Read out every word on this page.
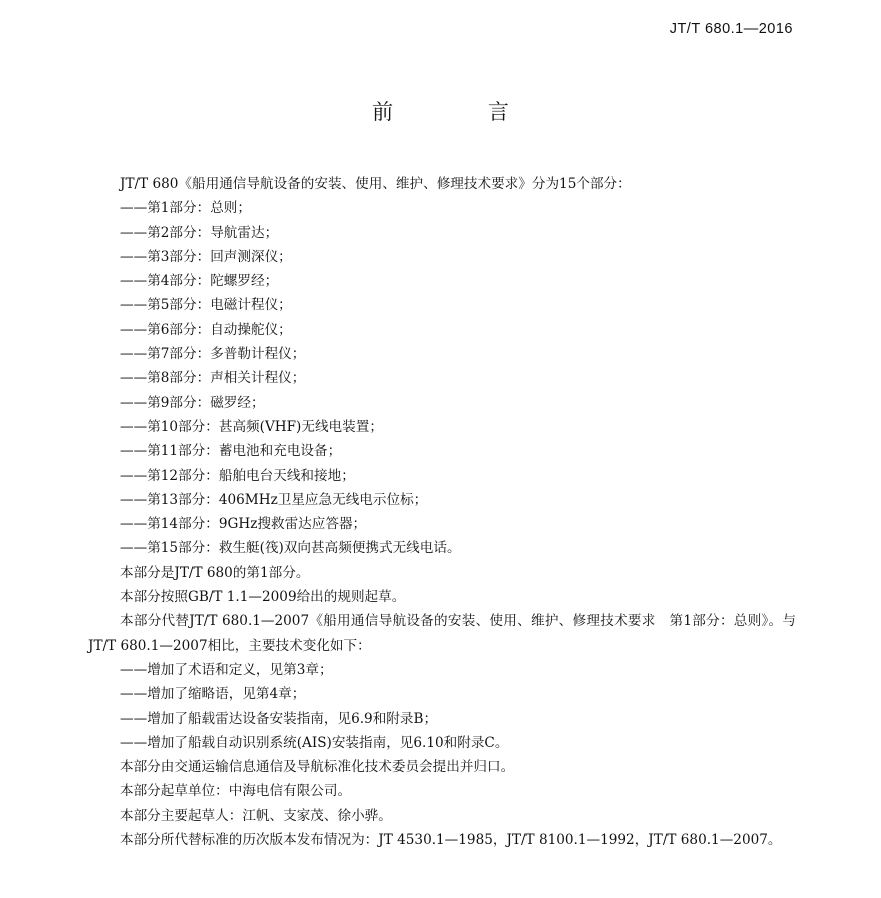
JT/T 680.1—2016
前 言
JT/T 680《船用通信导航设备的安装、使用、维护、修理技术要求》分为15个部分：
——第1部分：总则；
——第2部分：导航雷达；
——第3部分：回声测深仪；
——第4部分：陀螺罗经；
——第5部分：电磁计程仪；
——第6部分：自动操舵仪；
——第7部分：多普勒计程仪；
——第8部分：声相关计程仪；
——第9部分：磁罗经；
——第10部分：甚高频(VHF)无线电装置；
——第11部分：蓄电池和充电设备；
——第12部分：船舶电台天线和接地；
——第13部分：406MHz卫星应急无线电示位标；
——第14部分：9GHz搜救雷达应答器；
——第15部分：救生艇(筏)双向甚高频便携式无线电话。
本部分是JT/T 680的第1部分。
本部分按照GB/T 1.1—2009给出的规则起草。
本部分代替JT/T 680.1—2007《船用通信导航设备的安装、使用、维护、修理技术要求　第1部分：总则》。与JT/T 680.1—2007相比，主要技术变化如下：
——增加了术语和定义，见第3章；
——增加了缩略语，见第4章；
——增加了船载雷达设备安装指南，见6.9和附录B；
——增加了船载自动识别系统(AIS)安装指南，见6.10和附录C。
本部分由交通运输信息通信及导航标准化技术委员会提出并归口。
本部分起草单位：中海电信有限公司。
本部分主要起草人：江帆、支家茂、徐小骅。
本部分所代替标准的历次版本发布情况为：JT 4530.1—1985，JT/T 8100.1—1992，JT/T 680.1—2007。
